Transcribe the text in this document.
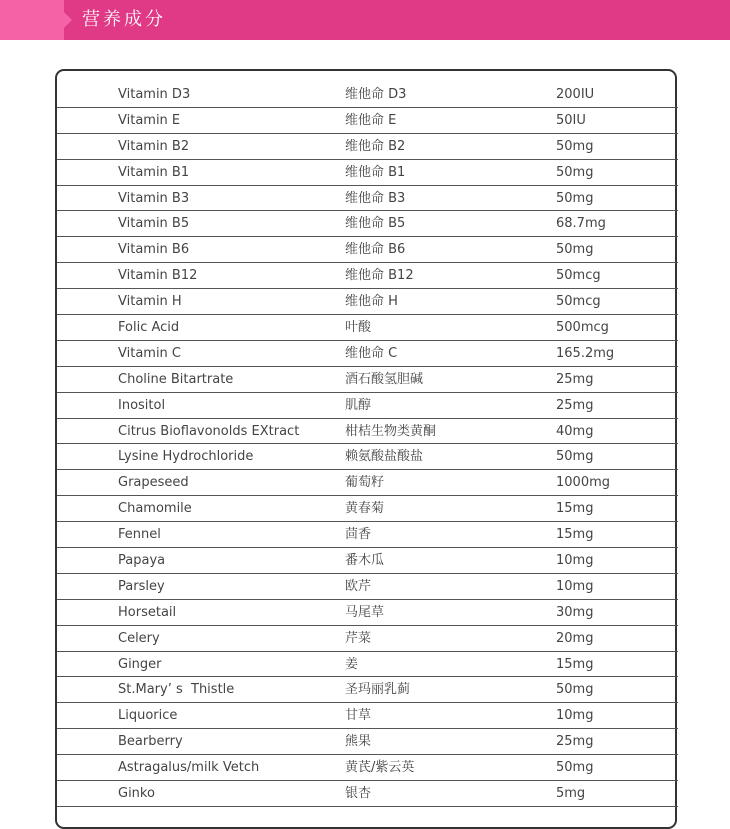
营养成分
Vitamin D3	维他命 D3	200IU
Vitamin E	维他命 E	50IU
Vitamin B2	维他命 B2	50mg
Vitamin B1	维他命 B1	50mg
Vitamin B3	维他命 B3	50mg
Vitamin B5	维他命 B5	68.7mg
Vitamin B6	维他命 B6	50mg
Vitamin B12	维他命 B12	50mcg
Vitamin H	维他命 H	50mcg
Folic Acid	叶酸	500mcg
Vitamin C	维他命 C	165.2mg
Choline Bitartrate	酒石酸氢胆碱	25mg
Inositol	肌醇	25mg
Citrus Bioflavonolds EXtract	柑桔生物类黄酮	40mg
Lysine Hydrochloride	赖氨酸盐酸盐	50mg
Grapeseed	葡萄籽	1000mg
Chamomile	黄春菊	15mg
Fennel	茴香	15mg
Papaya	番木瓜	10mg
Parsley	欧芹	10mg
Horsetail	马尾草	30mg
Celery	芹菜	20mg
Ginger	姜	15mg
St.Mary’ s  Thistle	圣玛丽乳蓟	50mg
Liquorice	甘草	10mg
Bearberry	熊果	25mg
Astragalus/milk Vetch	黄芪/紫云英	50mg
Ginko	银杏	5mg
